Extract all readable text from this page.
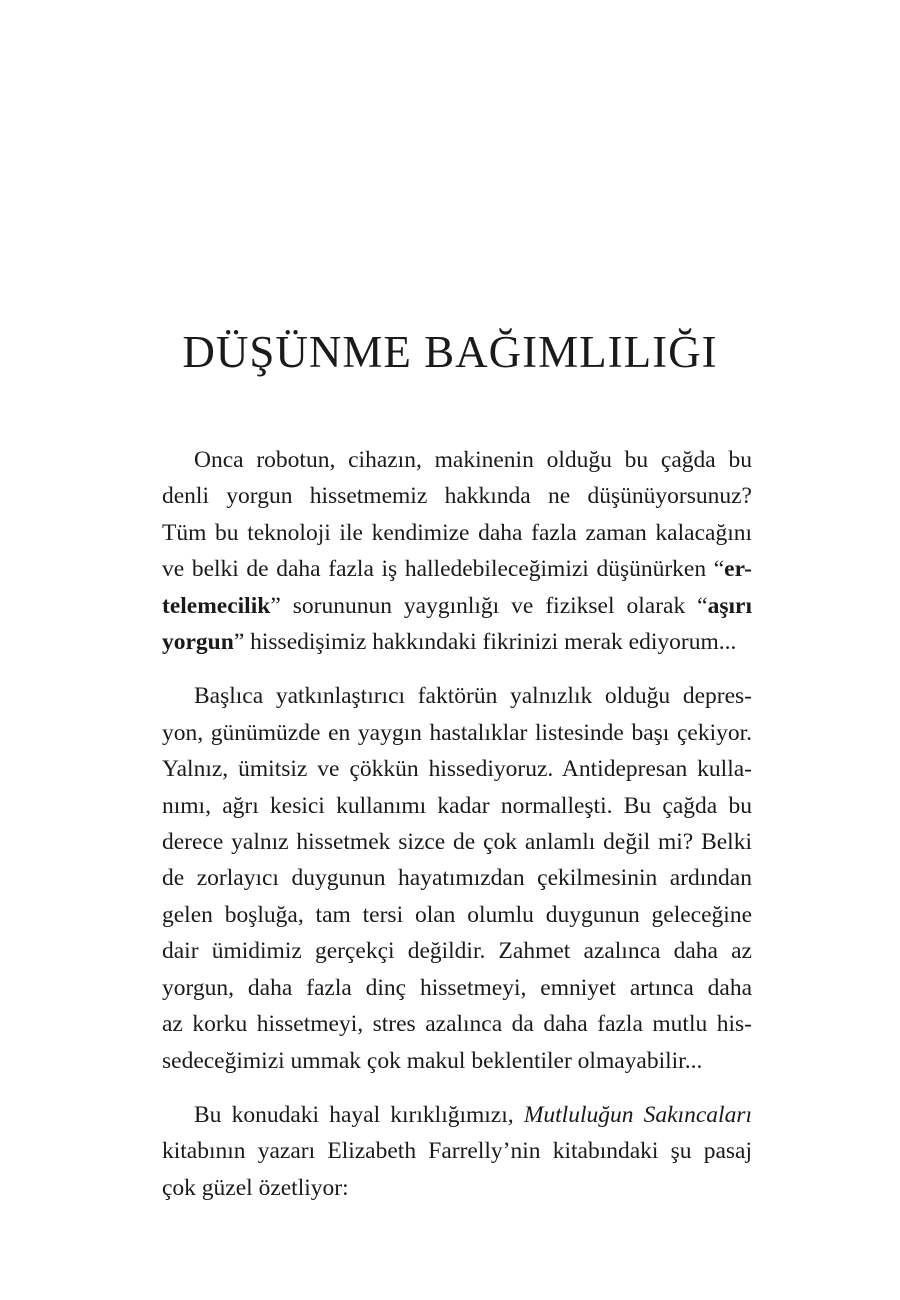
DÜŞÜNME BAĞIMLILIĞI

Onca robotun, cihazın, makinenin olduğu bu çağda bu
denli yorgun hissetmemiz hakkında ne düşünüyorsunuz?
Tüm bu teknoloji ile kendimize daha fazla zaman kalacağını
ve belki de daha fazla iş halledebileceğimizi düşünürken “er-
telemecilik” sorununun yaygınlığı ve fiziksel olarak “aşırı
yorgun” hissedişimiz hakkındaki fikrinizi merak ediyorum...

Başlıca yatkınlaştırıcı faktörün yalnızlık olduğu depres-
yon, günümüzde en yaygın hastalıklar listesinde başı çekiyor.
Yalnız, ümitsiz ve çökkün hissediyoruz. Antidepresan kulla-
nımı, ağrı kesici kullanımı kadar normalleşti. Bu çağda bu
derece yalnız hissetmek sizce de çok anlamlı değil mi? Belki
de zorlayıcı duygunun hayatımızdan çekilmesinin ardından
gelen boşluğa, tam tersi olan olumlu duygunun geleceğine
dair ümidimiz gerçekçi değildir. Zahmet azalınca daha az
yorgun, daha fazla dinç hissetmeyi, emniyet artınca daha
az korku hissetmeyi, stres azalınca da daha fazla mutlu his-
sedeceğimizi ummak çok makul beklentiler olmayabilir...

Bu konudaki hayal kırıklığımızı, Mutluluğun Sakıncaları
kitabının yazarı Elizabeth Farrelly’nin kitabındaki şu pasaj
çok güzel özetliyor:
